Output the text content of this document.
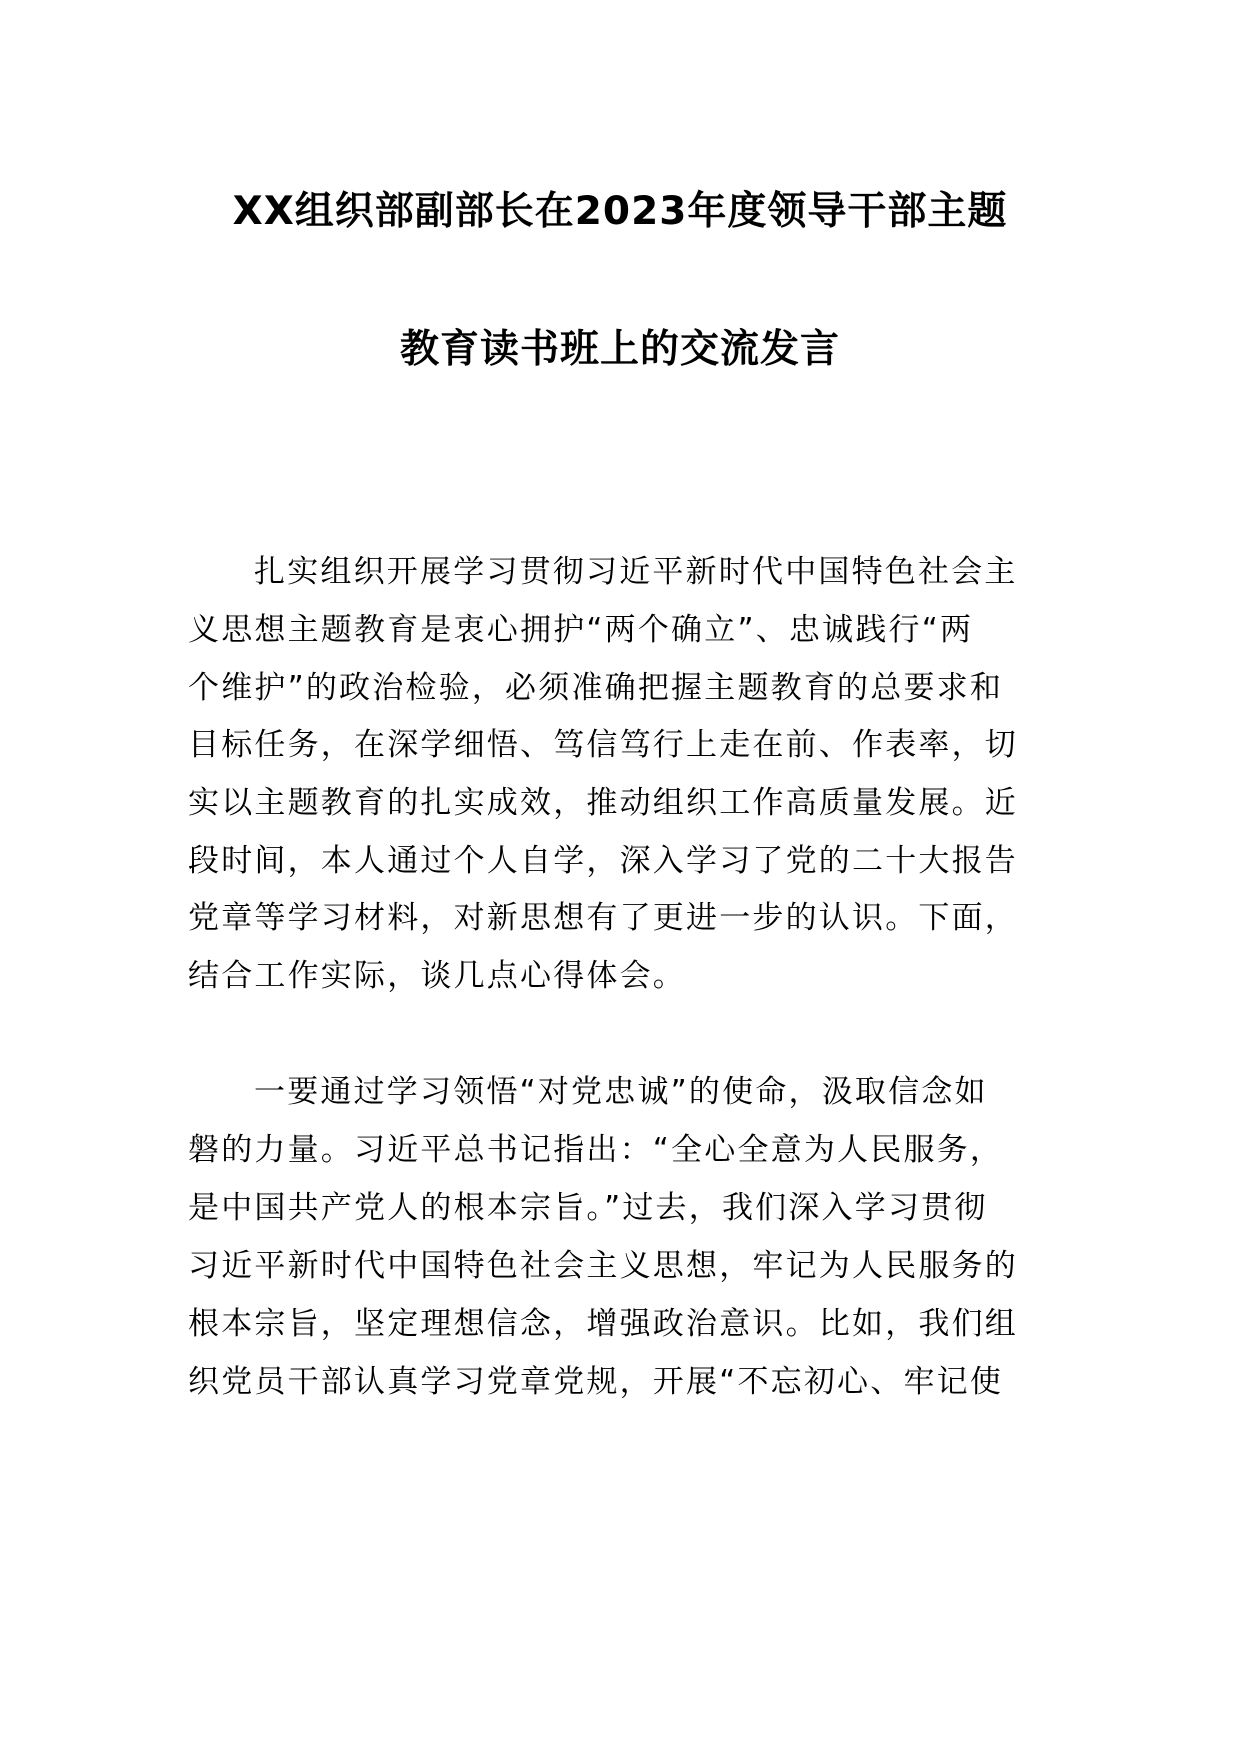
XX组织部副部长在2023年度领导干部主题
教育读书班上的交流发言
扎实组织开展学习贯彻习近平新时代中国特色社会主
义思想主题教育是衷心拥护“两个确立”、忠诚践行“两
个维护”的政治检验，必须准确把握主题教育的总要求和
目标任务，在深学细悟、笃信笃行上走在前、作表率，切
实以主题教育的扎实成效，推动组织工作高质量发展。近
段时间，本人通过个人自学，深入学习了党的二十大报告
党章等学习材料，对新思想有了更进一步的认识。下面，
结合工作实际，谈几点心得体会。
一要通过学习领悟“对党忠诚”的使命，汲取信念如
磐的力量。习近平总书记指出：“全心全意为人民服务，
是中国共产党人的根本宗旨。”过去，我们深入学习贯彻
习近平新时代中国特色社会主义思想，牢记为人民服务的
根本宗旨，坚定理想信念，增强政治意识。比如，我们组
织党员干部认真学习党章党规，开展“不忘初心、牢记使
